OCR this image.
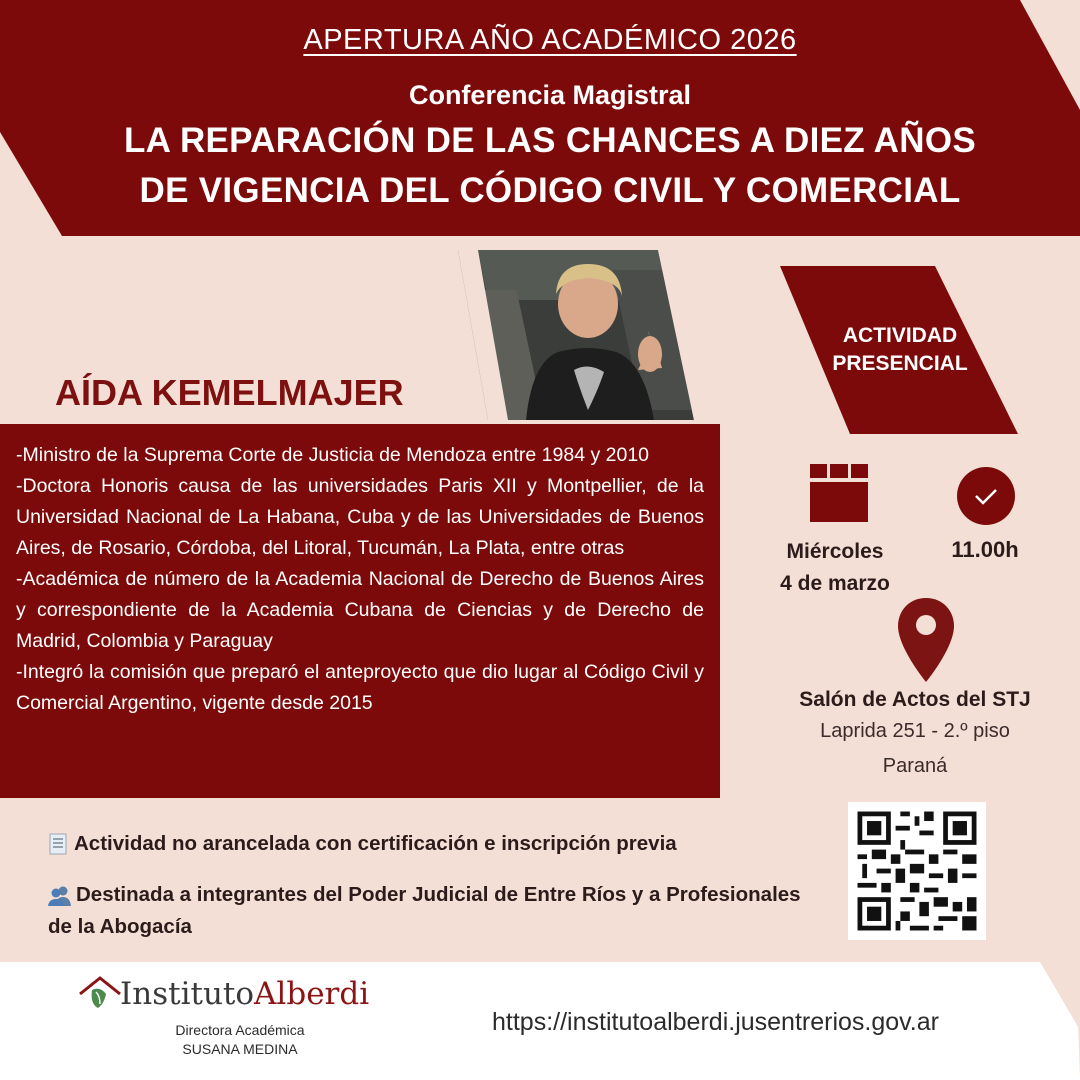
APERTURA AÑO ACADÉMICO 2026
Conferencia Magistral
LA REPARACIÓN DE LAS CHANCES A DIEZ AÑOS
DE VIGENCIA DEL CÓDIGO CIVIL Y COMERCIAL
AÍDA KEMELMAJER
-Ministro de la Suprema Corte de Justicia de Mendoza entre 1984 y 2010
-Doctora Honoris causa de las universidades Paris XII y Montpellier, de la Universidad Nacional de La Habana, Cuba y de las Universidades de Buenos Aires, de Rosario, Córdoba, del Litoral, Tucumán, La Plata, entre otras
-Académica de número de la Academia Nacional de Derecho de Buenos Aires y correspondiente de la Academia Cubana de Ciencias y de Derecho de Madrid, Colombia y Paraguay
-Integró la comisión que preparó el anteproyecto que dio lugar al Código Civil y Comercial Argentino, vigente desde 2015
ACTIVIDAD
PRESENCIAL
Miércoles
4 de marzo
11.00h
Salón de Actos del STJ
Laprida 251 - 2.º piso
Paraná
Actividad no arancelada con certificación e inscripción previa
Destinada a integrantes del Poder Judicial de Entre Ríos y a Profesionales de la Abogacía
InstitutoAlberdi
Directora Académica
SUSANA MEDINA
https://institutoalberdi.jusentrerios.gov.ar
